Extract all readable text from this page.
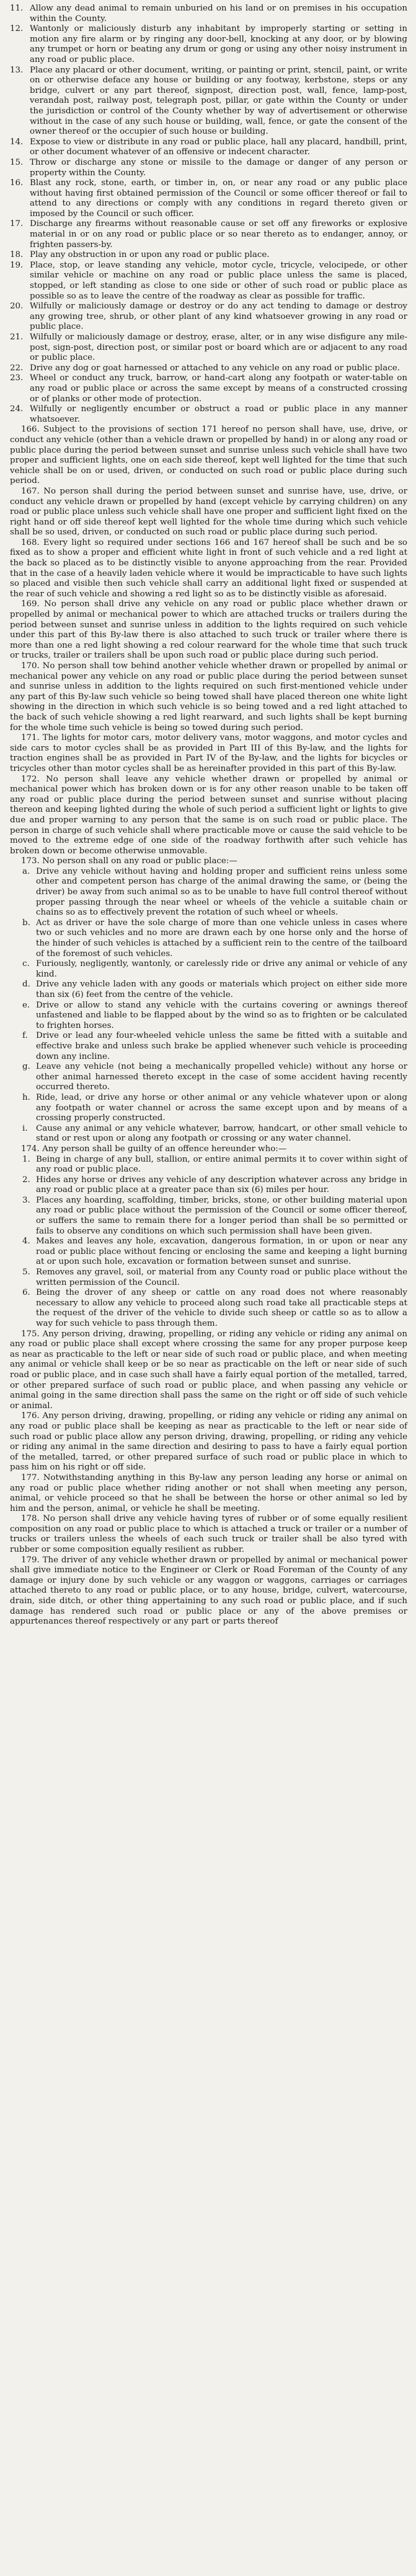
11. Allow any dead animal to remain unburied on his land or on premises in his occupation within the County.
12. Wantonly or maliciously disturb any inhabitant by improperly starting or setting in motion any fire alarm or by ringing any door-bell, knocking at any door, or by blowing any trumpet or horn or beating any drum or gong or using any other noisy instrument in any road or public place.
13. Place any placard or other document, writing, or painting or print, stencil, paint, or write on or otherwise deface any house or building or any footway, kerbstone, steps or any bridge, culvert or any part thereof, signpost, direction post, wall, fence, lamp-post, verandah post, railway post, telegraph post, pillar, or gate within the County or under the jurisdiction or control of the County whether by way of advertisement or otherwise without in the case of any such house or building, wall, fence, or gate the consent of the owner thereof or the occupier of such house or building.
14. Expose to view or distribute in any road or public place, hall any placard, handbill, print, or other document whatever of an offensive or indecent character.
15. Throw or discharge any stone or missile to the damage or danger of any person or property within the County.
16. Blast any rock, stone, earth, or timber in, on, or near any road or any public place without having first obtained permission of the Council or some officer thereof or fail to attend to any directions or comply with any conditions in regard thereto given or imposed by the Council or such officer.
17. Discharge any firearms without reasonable cause or set off any fireworks or explosive material in or on any road or public place or so near thereto as to endanger, annoy, or frighten passers-by.
18. Play any obstruction in or upon any road or public place.
19. Place, stop, or leave standing any vehicle, motor cycle, tricycle, velocipede, or other similar vehicle or machine on any road or public place unless the same is placed, stopped, or left standing as close to one side or other of such road or public place as possible so as to leave the centre of the roadway as clear as possible for traffic.
20. Wilfully or maliciously damage or destroy or do any act tending to damage or destroy any growing tree, shrub, or other plant of any kind whatsoever growing in any road or public place.
21. Wilfully or maliciously damage or destroy, erase, alter, or in any wise disfigure any mile-post, sign-post, direction post, or similar post or board which are or adjacent to any road or public place.
22. Drive any dog or goat harnessed or attached to any vehicle on any road or public place.
23. Wheel or conduct any truck, barrow, or hand-cart along any footpath or water-table on any road or public place or across the same except by means of a constructed crossing or of planks or other mode of protection.
24. Wilfully or negligently encumber or obstruct a road or public place in any manner whatsoever.

166. Subject to the provisions of section 171 hereof no person shall have, use, drive, or conduct any vehicle (other than a vehicle drawn or propelled by hand) in or along any road or public place during the period between sunset and sunrise unless such vehicle shall have two proper and sufficient lights, one on each side thereof, kept well lighted for the time that such vehicle shall be on or used, driven, or conducted on such road or public place during such period.

167. No person shall during the period between sunset and sunrise have, use, drive, or conduct any vehicle drawn or propelled by hand (except vehicle by carrying children) on any road or public place unless such vehicle shall have one proper and sufficient light fixed on the right hand or off side thereof kept well lighted for the whole time during which such vehicle shall be so used, driven, or conducted on such road or public place during such period.

168. Every light so required under sections 166 and 167 hereof shall be such and be so fixed as to show a proper and efficient white light in front of such vehicle and a red light at the back so placed as to be distinctly visible to anyone approaching from the rear. Provided that in the case of a heavily laden vehicle where it would be impracticable to have such lights so placed and visible then such vehicle shall carry an additional light fixed or suspended at the rear of such vehicle and showing a red light so as to be distinctly visible as aforesaid.

169. No person shall drive any vehicle on any road or public place whether drawn or propelled by animal or mechanical power to which are attached trucks or trailers during the period between sunset and sunrise unless in addition to the lights required on such vehicle under this part of this By-law there is also attached to such truck or trailer where there is more than one a red light showing a red colour rearward for the whole time that such truck or trucks, trailer or trailers shall be upon such road or public place during such period.

170. No person shall tow behind another vehicle whether drawn or propelled by animal or mechanical power any vehicle on any road or public place during the period between sunset and sunrise unless in addition to the lights required on such first-mentioned vehicle under any part of this By-law such vehicle so being towed shall have placed thereon one white light showing in the direction in which such vehicle is so being towed and a red light attached to the back of such vehicle showing a red light rearward, and such lights shall be kept burning for the whole time such vehicle is being so towed during such period.

171. The lights for motor cars, motor delivery vans, motor waggons, and motor cycles and side cars to motor cycles shall be as provided in Part III of this By-law, and the lights for traction engines shall be as provided in Part IV of the By-law, and the lights for bicycles or tricycles other than motor cycles shall be as hereinafter provided in this part of this By-law.

172. No person shall leave any vehicle whether drawn or propelled by animal or mechanical power which has broken down or is for any other reason unable to be taken off any road or public place during the period between sunset and sunrise without placing thereon and keeping lighted during the whole of such period a sufficient light or lights to give due and proper warning to any person that the same is on such road or public place. The person in charge of such vehicle shall where practicable move or cause the said vehicle to be moved to the extreme edge of one side of the roadway forthwith after such vehicle has broken down or become otherwise unmovable.

173. No person shall on any road or public place:—

a. Drive any vehicle without having and holding proper and sufficient reins unless some other and competent person has charge of the animal drawing the same, or (being the driver) be away from such animal so as to be unable to have full control thereof without proper passing through the near wheel or wheels of the vehicle a suitable chain or chains so as to effectively prevent the rotation of such wheel or wheels.
b. Act as driver or have the sole charge of more than one vehicle unless in cases where two or such vehicles and no more are drawn each by one horse only and the horse of the hinder of such vehicles is attached by a sufficient rein to the centre of the tailboard of the foremost of such vehicles.
c. Furiously, negligently, wantonly, or carelessly ride or drive any animal or vehicle of any kind.
d. Drive any vehicle laden with any goods or materials which project on either side more than six (6) feet from the centre of the vehicle.
e. Drive or allow to stand any vehicle with the curtains covering or awnings thereof unfastened and liable to be flapped about by the wind so as to frighten or be calculated to frighten horses.
f. Drive or lead any four-wheeled vehicle unless the same be fitted with a suitable and effective brake and unless such brake be applied whenever such vehicle is proceeding down any incline.
g. Leave any vehicle (not being a mechanically propelled vehicle) without any horse or other animal harnessed thereto except in the case of some accident having recently occurred thereto.
h. Ride, lead, or drive any horse or other animal or any vehicle whatever upon or along any footpath or water channel or across the same except upon and by means of a crossing properly constructed.
i.	Cause any animal or any vehicle whatever, barrow, handcart, or other small vehicle to stand or rest upon or along any footpath or crossing or any water channel.

174. Any person shall be guilty of an offence hereunder who:—

1. Being in charge of any bull, stallion, or entire animal permits it to cover within sight of any road or public place.
2. Hides any horse or drives any vehicle of any description whatever across any bridge in any road or public place at a greater pace than six (6) miles per hour.
3. Places any hoarding, scaffolding, timber, bricks, stone, or other building material upon any road or public place without the permission of the Council or some officer thereof, or suffers the same to remain there for a longer period than shall be so permitted or fails to observe any conditions on which such permission shall have been given.
4. Makes and leaves any hole, excavation, dangerous formation, in or upon or near any road or public place without fencing or enclosing the same and keeping a light burning at or upon such hole, excavation or formation between sunset and sunrise.
5. Removes any gravel, soil, or material from any County road or public place without the written permission of the Council.
6. Being the drover of any sheep or cattle on any road does not where reasonably necessary to allow any vehicle to proceed along such road take all practicable steps at the request of the driver of the vehicle to divide such sheep or cattle so as to allow a way for such vehicle to pass through them.

175. Any person driving, drawing, propelling, or riding any vehicle or riding any animal on any road or public place shall except where crossing the same for any proper purpose keep as near as practicable to the left or near side of such road or public place, and when meeting any animal or vehicle shall keep or be so near as practicable on the left or near side of such road or public place, and in case such shall have a fairly equal portion of the metalled, tarred, or other prepared surface of such road or public place, and when passing any vehicle or animal going in the same direction shall pass the same on the right or off side of such vehicle or animal.

176. Any person driving, drawing, propelling, or riding any vehicle or riding any animal on any road or public place shall be keeping as near as practicable to the left or near side of such road or public place allow any person driving, drawing, propelling, or riding any vehicle or riding any animal in the same direction and desiring to pass to have a fairly equal portion of the metalled, tarred, or other prepared surface of such road or public place in which to pass him on his right or off side.

177. Notwithstanding anything in this By-law any person leading any horse or animal on any road or public place whether riding another or not shall when meeting any person, animal, or vehicle proceed so that he shall be between the horse or other animal so led by him and the person, animal, or vehicle he shall be meeting.

178. No person shall drive any vehicle having tyres of rubber or of some equally resilient composition on any road or public place to which is attached a truck or trailer or a number of trucks or trailers unless the wheels of each such truck or trailer shall be also tyred with rubber or some composition equally resilient as rubber.

179. The driver of any vehicle whether drawn or propelled by animal or mechanical power shall give immediate notice to the Engineer or Clerk or Road Foreman of the County of any damage or injury done by such vehicle or any waggon or waggons, carriages or carriages attached thereto to any road or public place, or to any house, bridge, culvert, watercourse, drain, side ditch, or other thing appertaining to any such road or public place, and if such damage has rendered such road or public place or any of the above premises or appurtenances thereof respectively or any part or parts thereof
